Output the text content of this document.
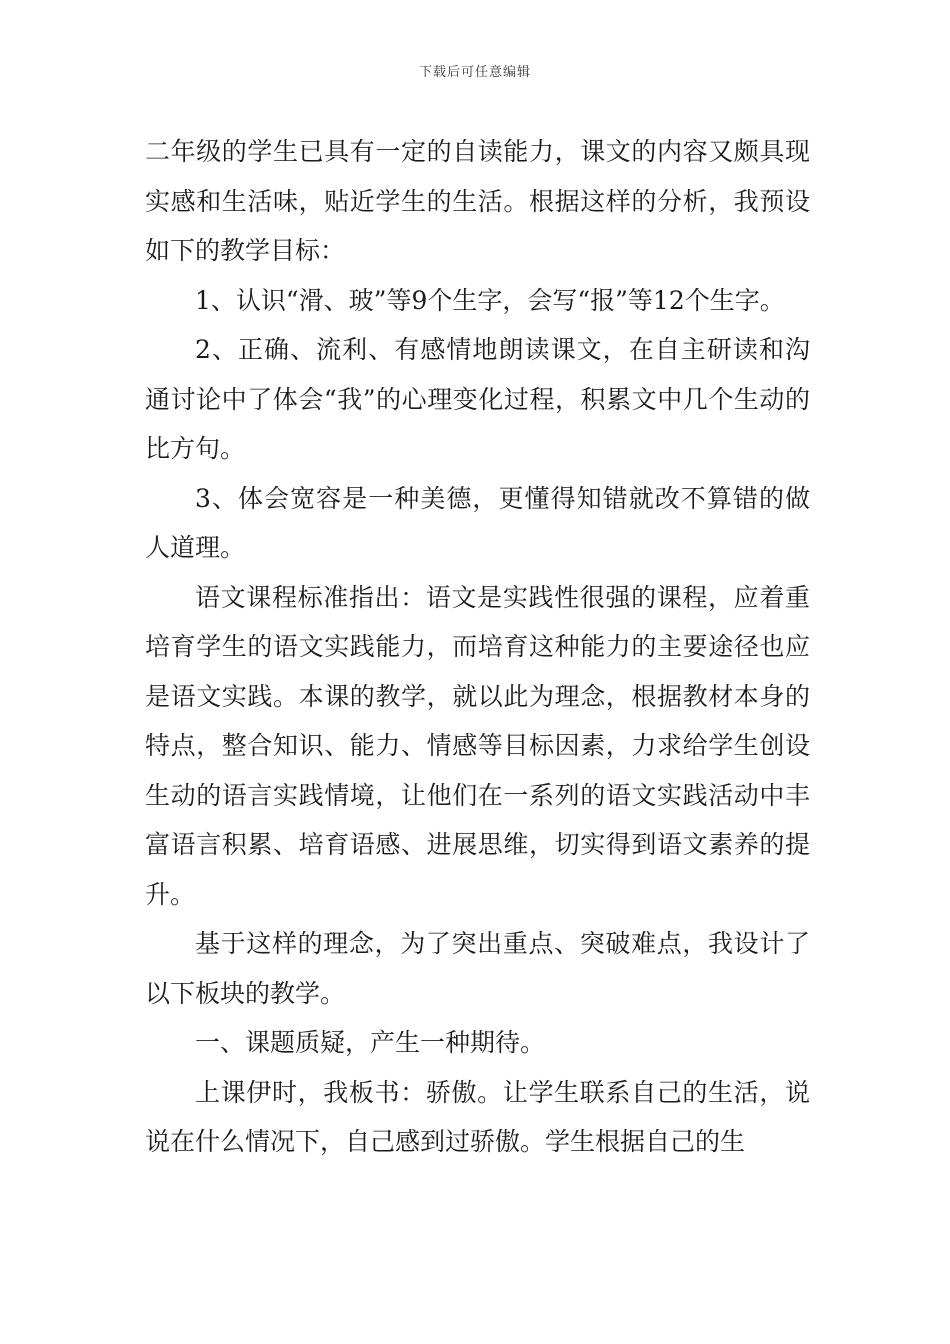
下载后可任意编辑

二年级的学生已具有一定的自读能力，课文的内容又颇具现实感和生活味，贴近学生的生活。根据这样的分析，我预设如下的教学目标：

1、认识“滑、玻”等9个生字，会写“报”等12个生字。

2、正确、流利、有感情地朗读课文，在自主研读和沟通讨论中了体会“我”的心理变化过程，积累文中几个生动的比方句。

3、体会宽容是一种美德，更懂得知错就改不算错的做人道理。

语文课程标准指出：语文是实践性很强的课程，应着重培育学生的语文实践能力，而培育这种能力的主要途径也应是语文实践。本课的教学，就以此为理念，根据教材本身的特点，整合知识、能力、情感等目标因素，力求给学生创设生动的语言实践情境，让他们在一系列的语文实践活动中丰富语言积累、培育语感、进展思维，切实得到语文素养的提升。

基于这样的理念，为了突出重点、突破难点，我设计了以下板块的教学。

一、课题质疑，产生一种期待。

上课伊时，我板书：骄傲。让学生联系自己的生活，说说在什么情况下，自己感到过骄傲。学生根据自己的生
